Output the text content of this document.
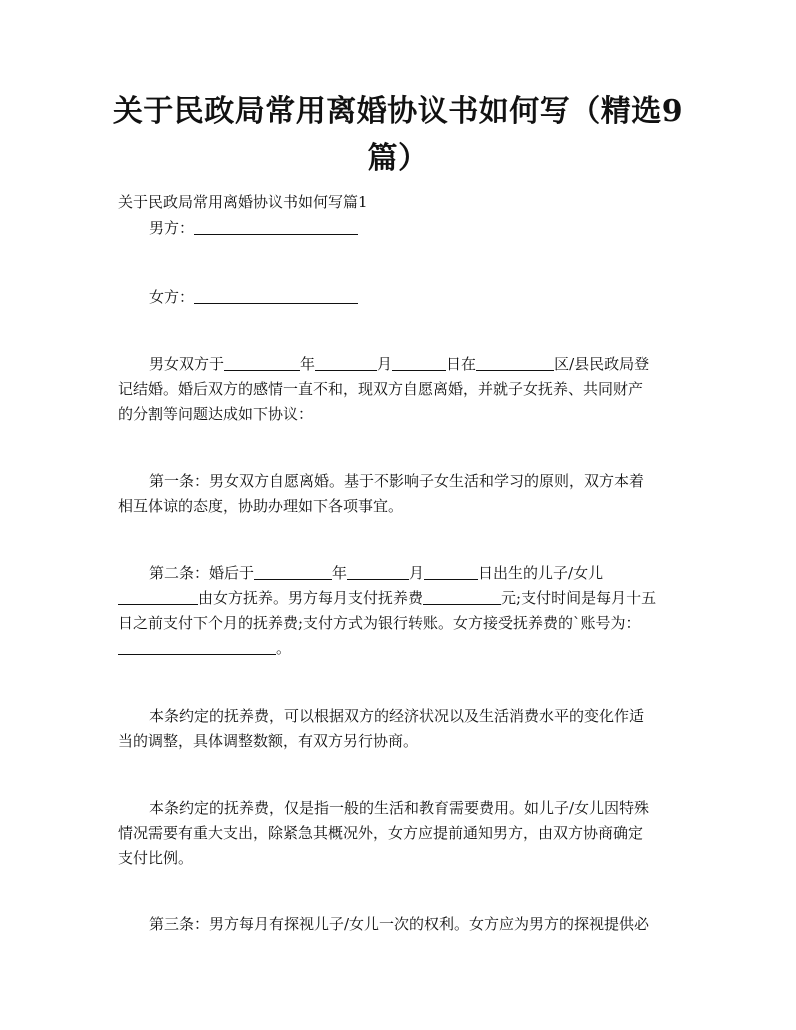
关于民政局常用离婚协议书如何写（精选9
篇）

关于民政局常用离婚协议书如何写篇1

男方：

女方：

男女双方于	年	月	日在	区/县民政局登
记结婚。婚后双方的感情一直不和，现双方自愿离婚，并就子女抚养、共同财产
的分割等问题达成如下协议：
第一条：男女双方自愿离婚。基于不影响子女生活和学习的原则，双方本着
相互体谅的态度，协助办理如下各项事宜。
第二条：婚后于	年	月	日出生的儿子/女儿
由女方抚养。男方每月支付抚养费	元;支付时间是每月十五
日之前支付下个月的抚养费;支付方式为银行转账。女方接受抚养费的`账号为：
。
本条约定的抚养费，可以根据双方的经济状况以及生活消费水平的变化作适
当的调整，具体调整数额，有双方另行协商。
本条约定的抚养费，仅是指一般的生活和教育需要费用。如儿子/女儿因特殊
情况需要有重大支出，除紧急其概况外，女方应提前通知男方，由双方协商确定
支付比例。
第三条：男方每月有探视儿子/女儿一次的权利。女方应为男方的探视提供必
